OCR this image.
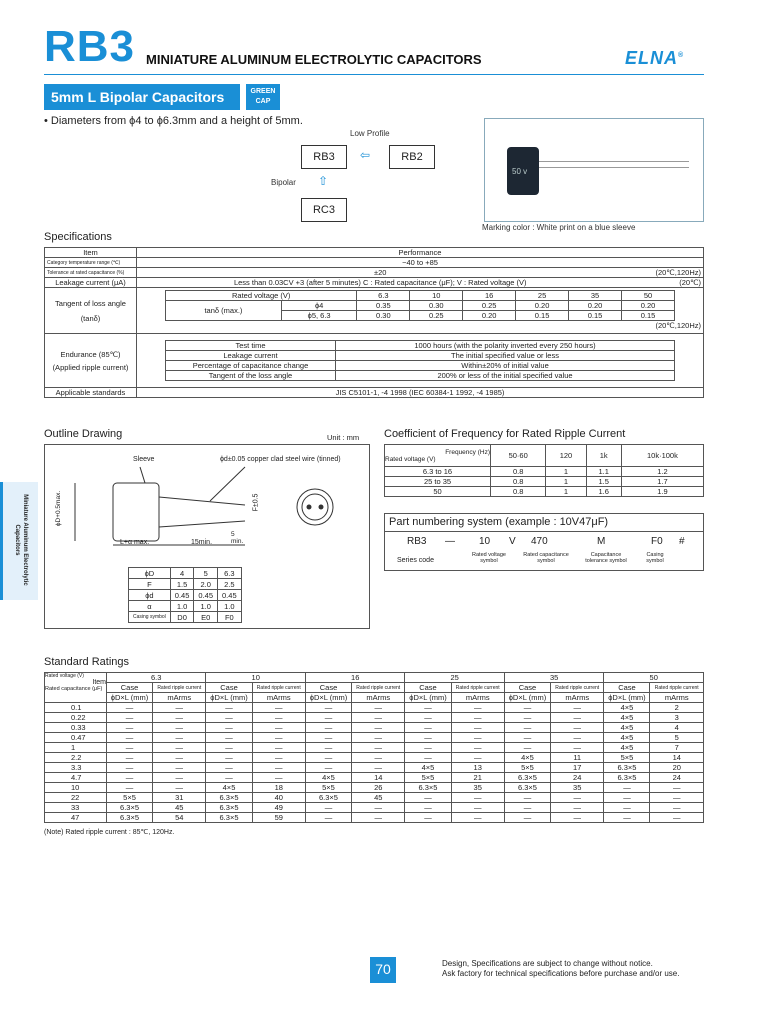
RB3 MINIATURE ALUMINUM ELECTROLYTIC CAPACITORS	ELNA®
5mm L Bipolar Capacitors	GREEN CAP
• Diameters from ϕ4 to ϕ6.3mm and a height of 5mm.
Low Profile
RB3	⇦	RB2
Bipolar ⇧
RC3
50 v
Marking color : White print on a blue sleeve
Specifications
Item	Performance
Category temperature range (℃)	−40 to +85
Tolerance at rated capacitance (%)	±20	(20℃,120Hz)
Leakage current (μA)	Less than 0.03CV +3 (after 5 minutes) C : Rated capacitance (μF); V : Rated voltage (V)	(20℃)

Tangent of loss angle
(tanδ)

Rated voltage (V)	6.3	10	16	25	35	50
tanδ (max.)	ϕ4	0.35	0.30	0.25	0.20	0.20	0.20
ϕ5, 6.3	0.30	0.25	0.20	0.15	0.15	0.15
(20℃,120Hz)

Endurance (85℃)
(Applied ripple current)

Test time	1000 hours (with the polarity inverted every 250 hours)
Leakage current	The initial specified value or less
Percentage of capacitance change	Within±20% of initial value
Tangent of the loss angle	200% or less of the initial specified value

Applicable standards	JIS C5101-1, -4 1998 (IEC 60384-1 1992, -4 1985)
Miniature Aluminum Electrolytic Capacitors
Outline Drawing	Unit : mm
Sleeve	ϕd±0.05 copper clad steel wire (tinned)
ϕD+0.5max.
L+α max.	15min.
5 min.
F±0.5
ϕD	4	5	6.3
F	1.5	2.0	2.5
ϕd	0.45	0.45	0.45
α	1.0	1.0	1.0
Casing symbol	D0	E0	F0
Coefficient of Frequency for Rated Ripple Current
Frequency (Hz)
Rated voltage (V)	50·60	120	1k	10k·100k
6.3 to 16	0.8	1	1.1	1.2
25 to 35	0.8	1	1.5	1.7
50	0.8	1	1.6	1.9
Part numbering system (example : 10V47μF)
RB3 — 10 V 470	M	F0 #
Series code
Rated voltage symbol
Rated capacitance symbol
Capacitance tolerance symbol
Casing symbol
Standard Ratings
Rated voltage (V)
Item
Rated capacitance (μF)	6.3		10		16		25		35		50	
	Case	Rated ripple current	Case	Rated ripple current	Case	Rated ripple current	Case	Rated ripple current	Case	Rated ripple current	Case	Rated ripple current
	ϕD×L (mm)	mArms	ϕD×L (mm)	mArms	ϕD×L (mm)	mArms	ϕD×L (mm)	mArms	ϕD×L (mm)	mArms	ϕD×L (mm)	mArms
0.1	—	—	—	—	—	—	—	—	—	—	4×5	2
0.22	—	—	—	—	—	—	—	—	—	—	4×5	3
0.33	—	—	—	—	—	—	—	—	—	—	4×5	4
0.47	—	—	—	—	—	—	—	—	—	—	4×5	5
1	—	—	—	—	—	—	—	—	—	—	4×5	7
2.2	—	—	—	—	—	—	—	—	4×5	11	5×5	14
3.3	—	—	—	—	—	—	4×5	13	5×5	17	6.3×5	20
4.7	—	—	—	—	4×5	14	5×5	21	6.3×5	24	6.3×5	24
10	—	—	4×5	18	5×5	26	6.3×5	35	6.3×5	35	—	—
22	5×5	31	6.3×5	40	6.3×5	45	—	—	—	—	—	—
33	6.3×5	45	6.3×5	49	—	—	—	—	—	—	—	—
47	6.3×5	54	6.3×5	59	—	—	—	—	—	—	—	—
(Note) Rated ripple current : 85℃, 120Hz.
70	Design, Specifications are subject to change without notice.
Ask factory for technical specifications before purchase and/or use.
